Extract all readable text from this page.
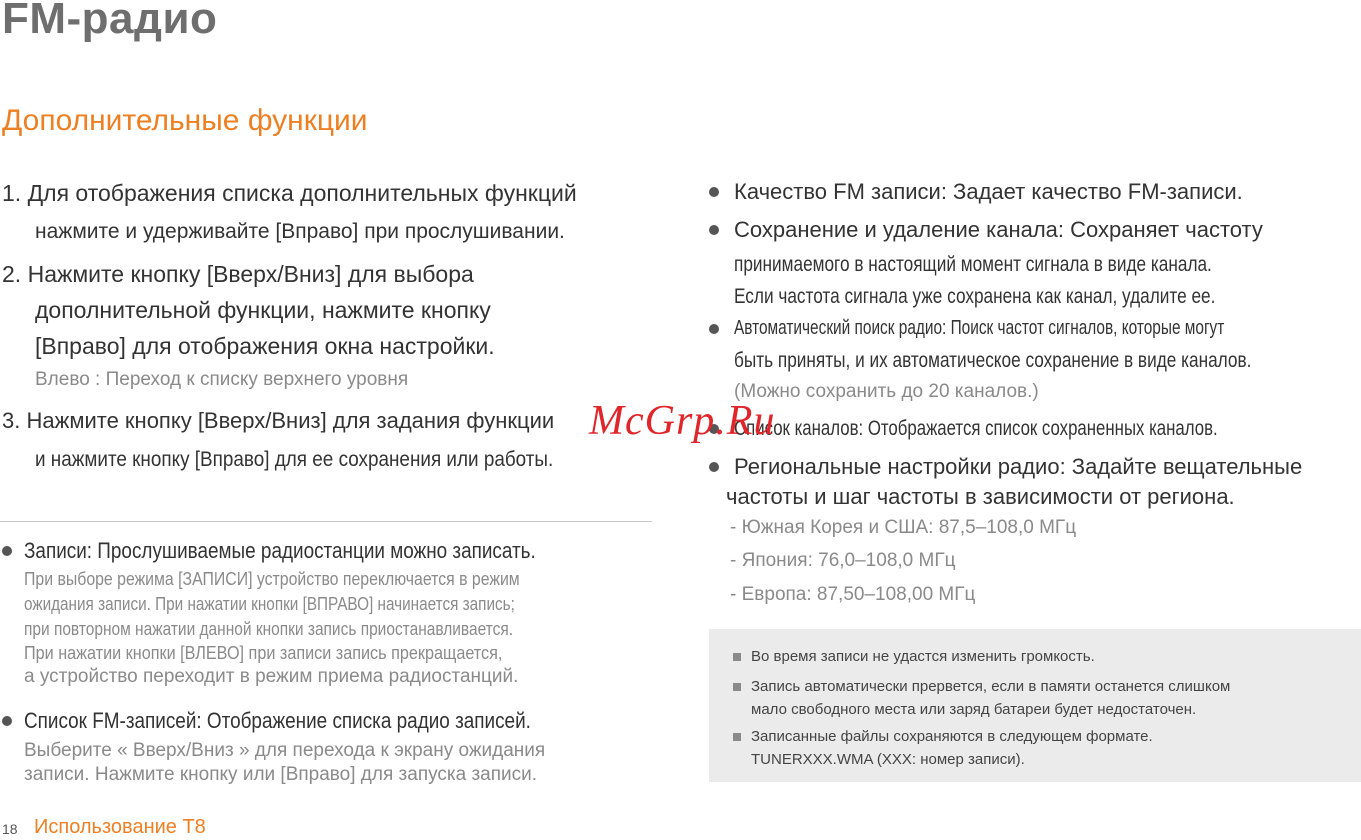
FM-радио
Дополнительные функции
1. Для отображения списка дополнительных функций
нажмите и удерживайте [Вправо] при прослушивании.
2. Нажмите кнопку [Вверх/Вниз] для выбора
дополнительной функции, нажмите кнопку
[Вправо] для отображения окна настройки.
Влево : Переход к списку верхнего уровня
3. Нажмите кнопку [Вверх/Вниз] для задания функции
и нажмите кнопку [Вправо] для ее сохранения или работы.
Записи: Прослушиваемые радиостанции можно записать.
При выборе режима [ЗАПИСИ] устройство переключается в режим
ожидания записи. При нажатии кнопки [ВПРАВО] начинается запись;
при повторном нажатии данной кнопки запись приостанавливается.
При нажатии кнопки [ВЛЕВО] при записи запись прекращается,
а устройство переходит в режим приема радиостанций.
Список FM-записей: Отображение списка радио записей.
Выберите « Вверх/Вниз » для перехода к экрану ожидания
записи. Нажмите кнопку или [Вправо] для запуска записи.
Качество FM записи: Задает качество FM-записи.
Сохранение и удаление канала: Сохраняет частоту
принимаемого в настоящий момент сигнала в виде канала.
Если частота сигнала уже сохранена как канал, удалите ее.
Автоматический поиск радио: Поиск частот сигналов, которые могут
быть приняты, и их автоматическое сохранение в виде каналов.
(Можно сохранить до 20 каналов.)
Список каналов: Отображается список сохраненных каналов.
Региональные настройки радио: Задайте вещательные
частоты и шаг частоты в зависимости от региона.
- Южная Корея и США: 87,5–108,0 МГц
- Япония: 76,0–108,0 МГц
- Европа: 87,50–108,00 МГц
Во время записи не удастся изменить громкость.
Запись автоматически прервется, если в памяти останется слишком
мало свободного места или заряд батареи будет недостаточен.
Записанные файлы сохраняются в следующем формате.
TUNERXXX.WMA (XXX: номер записи).
McGrp.Ru
18 Использование T8
